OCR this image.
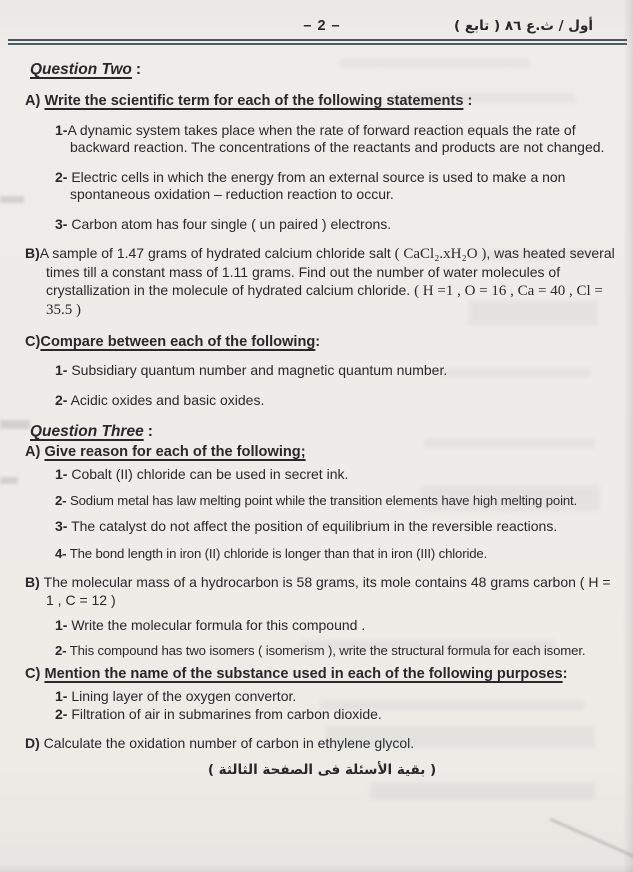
– 2 –	أول / ث.ع ٨٦ ( تابع )
Question Two :

A) Write the scientific term for each of the following statements :

1-A dynamic system takes place when the rate of forward reaction equals the rate of backward reaction. The concentrations of the reactants and products are not changed.

2- Electric cells in which the energy from an external source is used to make a non spontaneous oxidation – reduction reaction to occur.

3- Carbon atom has four single ( un paired ) electrons.

B)A sample of 1.47 grams of hydrated calcium chloride salt ( CaCl₂.xH₂O ), was heated several times till a constant mass of 1.11 grams. Find out the number of water molecules of crystallization in the molecule of hydrated calcium chloride. ( H =1 , O = 16 , Ca = 40 , Cl = 35.5 )

C)Compare between each of the following:

1- Subsidiary quantum number and magnetic quantum number.

2- Acidic oxides and basic oxides.

Question Three :

A) Give reason for each of the following;

1- Cobalt (II) chloride can be used in secret ink.

2- Sodium metal has law melting point while the transition elements have high melting point.

3- The catalyst do not affect the position of equilibrium in the reversible reactions.

4- The bond length in iron (II) chloride is longer than that in iron (III) chloride.

B) The molecular mass of a hydrocarbon is 58 grams, its mole contains 48 grams carbon ( H = 1 , C = 12 )

1- Write the molecular formula for this compound .

2- This compound has two isomers ( isomerism ), write the structural formula for each isomer.

C) Mention the name of the substance used in each of the following purposes:

1- Lining layer of the oxygen convertor.

2- Filtration of air in submarines from carbon dioxide.

D) Calculate the oxidation number of carbon in ethylene glycol.

( بقية الأسئلة فى الصفحة الثالثة )
